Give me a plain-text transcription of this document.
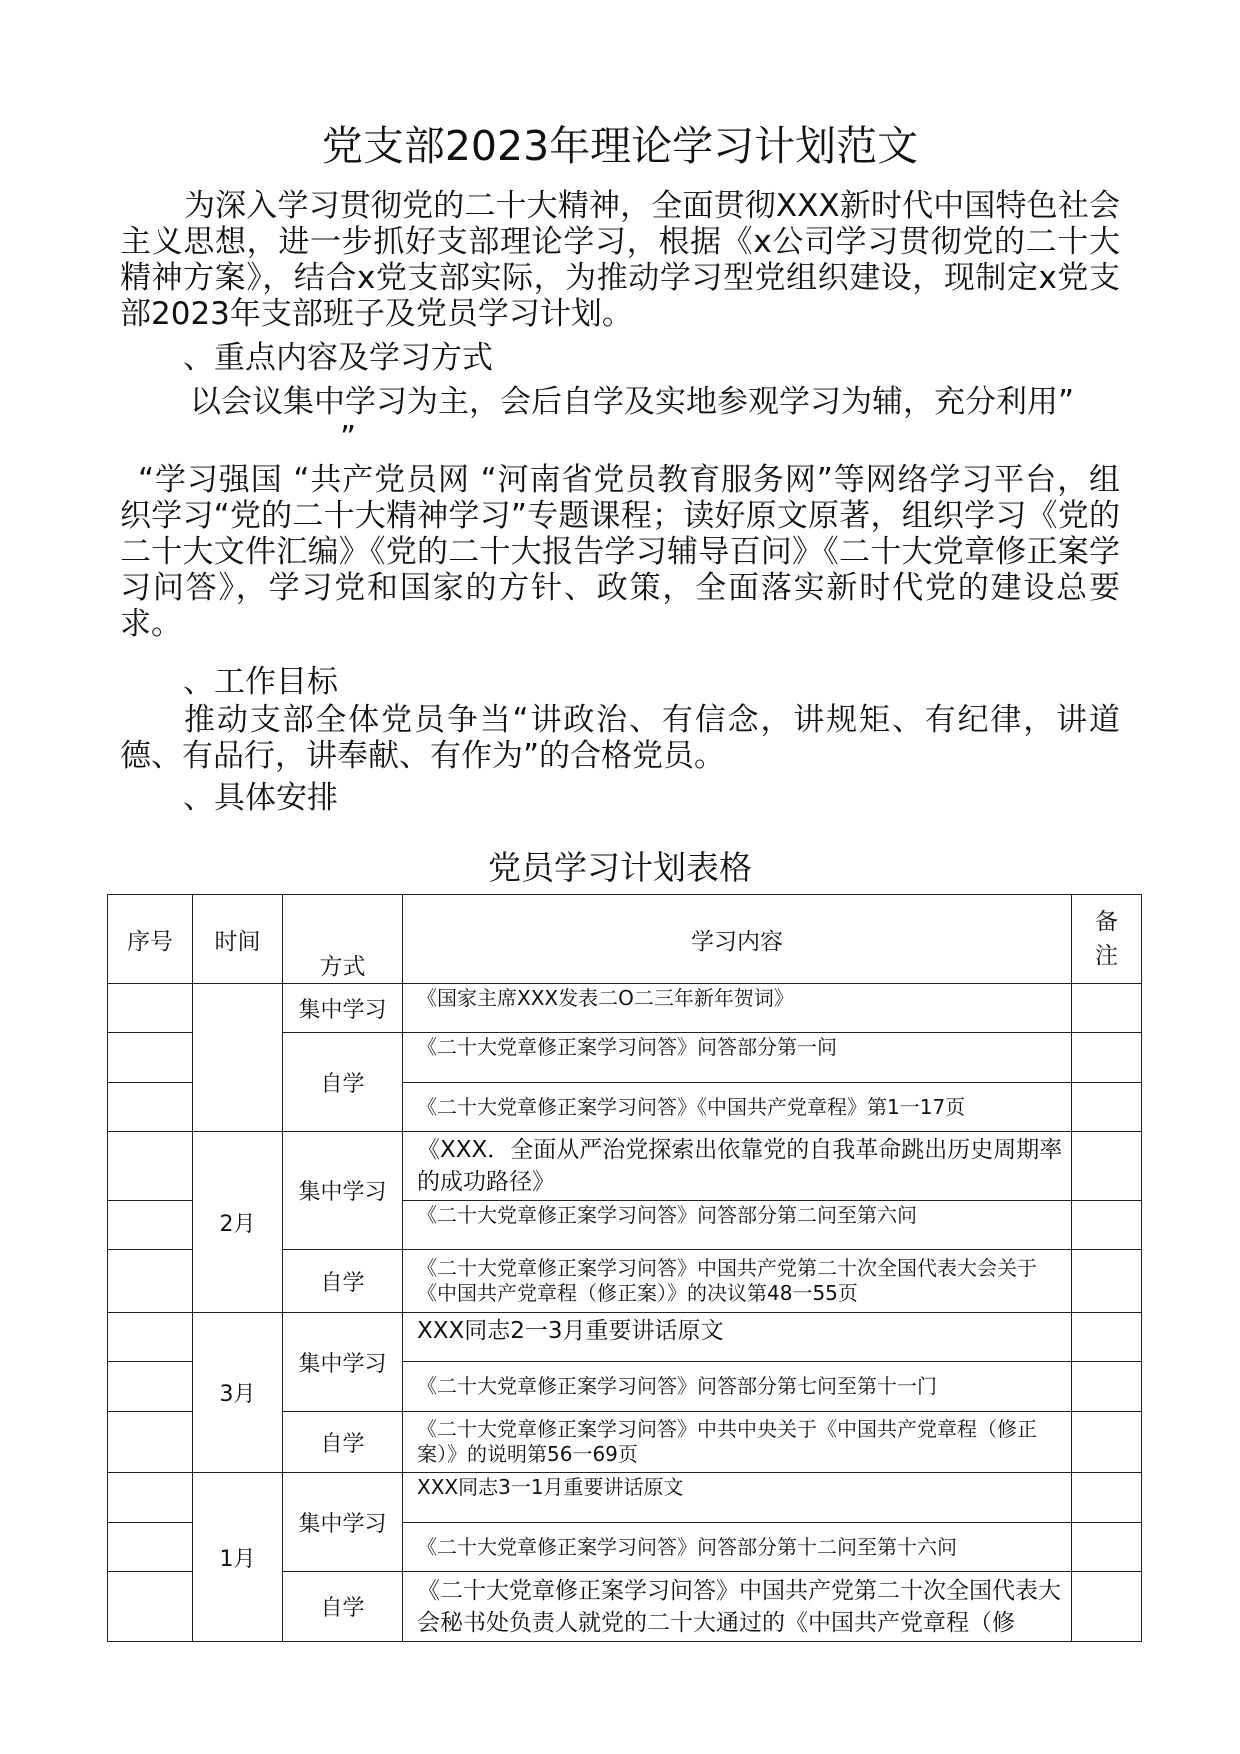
党支部2023年理论学习计划范文

为深入学习贯彻党的二十大精神，全面贯彻XXX新时代中国特色社会主义思想，进一步抓好支部理论学习，根据《x公司学习贯彻党的二十大精神方案》，结合x党支部实际，为推动学习型党组织建设，现制定x党支部2023年支部班子及党员学习计划。

、重点内容及学习方式
以会议集中学习为主，会后自学及实地参观学习为辅，充分利用”
”

“学习强国 “共产党员网 “河南省党员教育服务网”等网络学习平台，组织学习“党的二十大精神学习”专题课程；读好原文原著，组织学习《党的二十大文件汇编》《党的二十大报告学习辅导百问》《二十大党章修正案学习问答》，学习党和国家的方针、政策，全面落实新时代党的建设总要求。

、工作目标

推动支部全体党员争当“讲政治、有信念，讲规矩、有纪律，讲道德、有品行，讲奉献、有作为”的合格党员。

、具体安排
党员学习计划表格
序号	时间	方式	学习内容	备注
		集中学习	《国家主席XXX发表二O二三年新年贺词》	
		自学	《二十大党章修正案学习问答》问答部分第一问	
			《二十大党章修正案学习问答》《中国共产党章程》第1一17页	
	2月	集中学习	《XXX．全面从严治党探索出依靠党的自我革命跳出历史周期率的成功路径》	
			《二十大党章修正案学习问答》问答部分第二问至第六问	
		自学	《二十大党章修正案学习问答》中国共产党第二十次全国代表大会关于《中国共产党章程（修正案）》的决议第48一55页	
	3月	集中学习	XXX同志2一3月重要讲话原文	
			《二十大党章修正案学习问答》问答部分第七问至第十一门	
		自学	《二十大党章修正案学习问答》中共中央关于《中国共产党章程（修正案）》的说明第56一69页	
	1月	集中学习	XXX同志3一1月重要讲话原文	
			《二十大党章修正案学习问答》问答部分第十二问至第十六问	
		自学	《二十大党章修正案学习问答》中国共产党第二十次全国代表大会秘书处负责人就党的二十大通过的《中国共产党章程（修	
